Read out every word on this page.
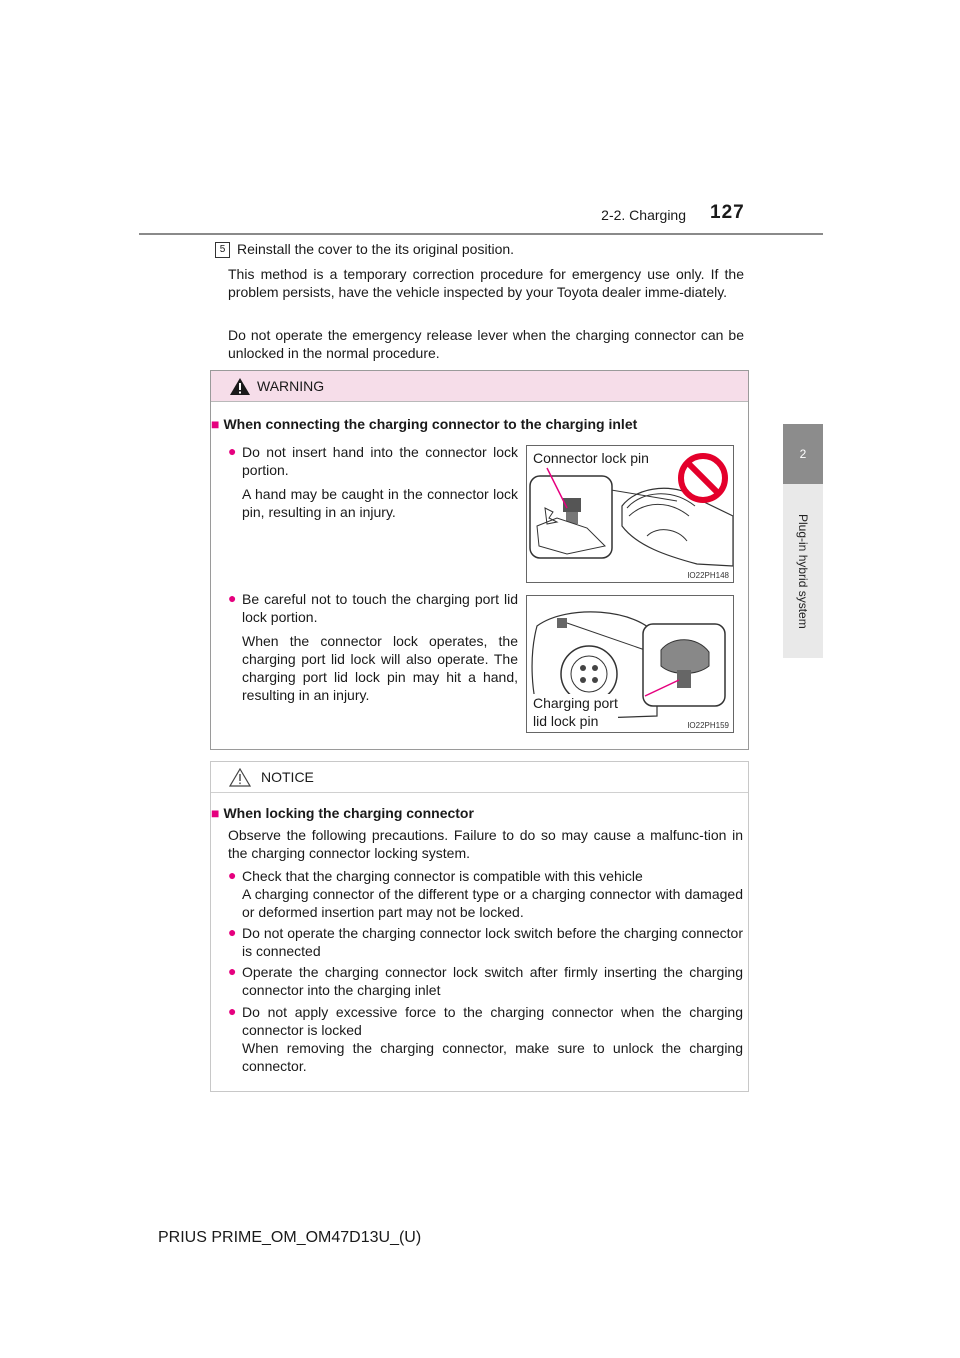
2-2. Charging 127
2
Plug-in hybrid system
5 Reinstall the cover to the its original position.
This method is a temporary correction procedure for emergency use only. If the problem persists, have the vehicle inspected by your Toyota dealer imme-diately.
Do not operate the emergency release lever when the charging connector can be unlocked in the normal procedure.
WARNING
■ When connecting the charging connector to the charging inlet
● Do not insert hand into the connector lock portion.
A hand may be caught in the connector lock pin, resulting in an injury.
Connector lock pin
IO22PH148
● Be careful not to touch the charging port lid lock portion.
When the connector lock operates, the charging port lid lock will also operate. The charging port lid lock pin may hit a hand, resulting in an injury.	Charging port
lid lock pin	IO22PH159
NOTICE
■ When locking the charging connector
Observe the following precautions. Failure to do so may cause a malfunc-tion in the charging connector locking system.
● Check that the charging connector is compatible with this vehicle
A charging connector of the different type or a charging connector with damaged or deformed insertion part may not be locked.
● Do not operate the charging connector lock switch before the charging connector is connected
● Operate the charging connector lock switch after firmly inserting the charging connector into the charging inlet
● Do not apply excessive force to the charging connector when the charging connector is locked
When removing the charging connector, make sure to unlock the charging connector.
PRIUS PRIME_OM_OM47D13U_(U)
